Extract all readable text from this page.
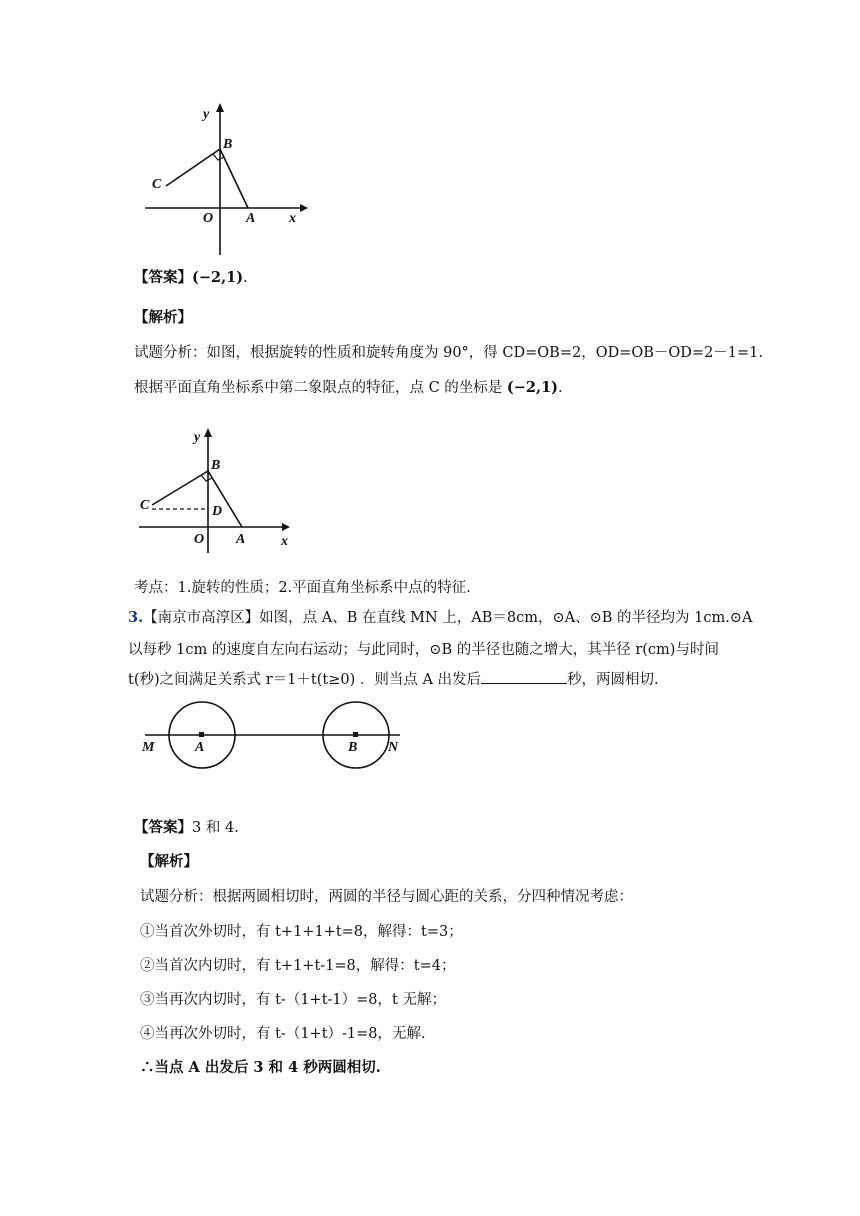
y
B
C
O A x
【答案】(−2,1).
【解析】
试题分析：如图，根据旋转的性质和旋转角度为 90°，得 CD=OB=2，OD=OB－OD=2－1=1.
根据平面直角坐标系中第二象限点的特征，点 C 的坐标是 (−2,1).
y
B
C	D
O A	x
考点：1.旋转的性质；2.平面直角坐标系中点的特征.
3.【南京市高淳区】如图，点 A、B 在直线 MN 上，AB＝8cm，⊙A、⊙B 的半径均为 1cm.⊙A
以每秒 1cm 的速度自左向右运动；与此同时，⊙B 的半径也随之增大，其半径 r(cm)与时间
t(秒)之间满足关系式 r＝1＋t(t≥0) ．则当点 A 出发后	秒，两圆相切.
M	A	B N
【答案】3 和 4.
【解析】
试题分析：根据两圆相切时，两圆的半径与圆心距的关系，分四种情况考虑：
①当首次外切时，有 t+1+1+t=8，解得：t=3；
②当首次内切时，有 t+1+t-1=8，解得：t=4；
③当再次内切时，有 t-（1+t-1）=8，t 无解；
④当再次外切时，有 t-（1+t）-1=8，无解.
∴当点 A 出发后 3 和 4 秒两圆相切.
